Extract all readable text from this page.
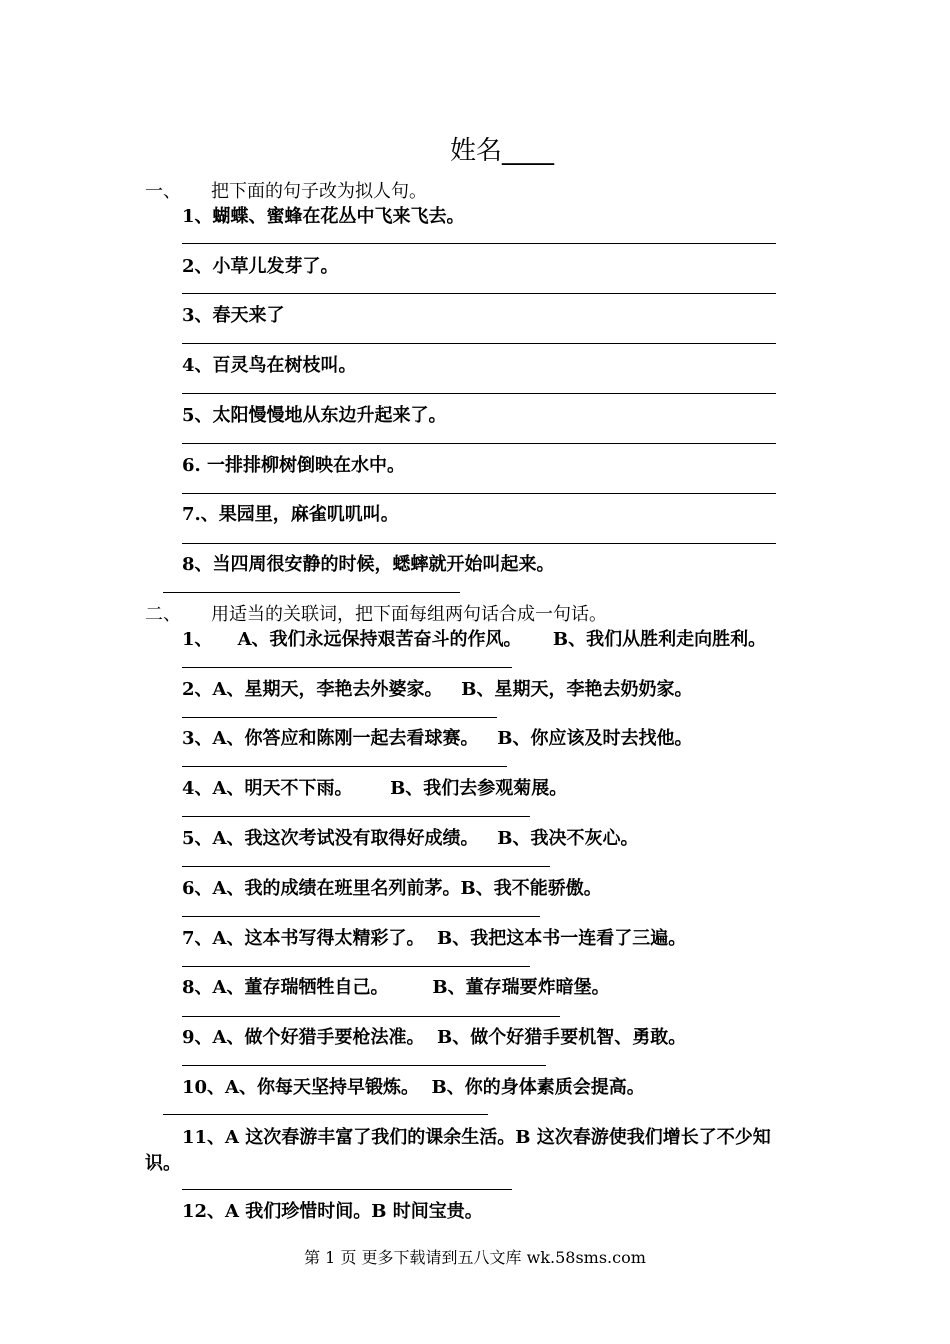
姓名____
一、 把下面的句子改为拟人句。
1、蝴蝶、蜜蜂在花丛中飞来飞去。
2、小草儿发芽了。
3、春天来了
4、百灵鸟在树枝叫。
5、太阳慢慢地从东边升起来了。
6. 一排排柳树倒映在水中。
7.、果园里，麻雀叽叽叫。
8、当四周很安静的时候，蟋蟀就开始叫起来。
二、 用适当的关联词，把下面每组两句话合成一句话。
1、    A、我们永远保持艰苦奋斗的作风。     B、我们从胜利走向胜利。
2、A、星期天，李艳去外婆家。   B、星期天，李艳去奶奶家。
3、A、你答应和陈刚一起去看球赛。   B、你应该及时去找他。
4、A、明天不下雨。      B、我们去参观菊展。
5、A、我这次考试没有取得好成绩。   B、我决不灰心。
6、A、我的成绩在班里名列前茅。B、我不能骄傲。
7、A、这本书写得太精彩了。  B、我把这本书一连看了三遍。
8、A、董存瑞牺牲自己。       B、董存瑞要炸暗堡。
9、A、做个好猎手要枪法准。  B、做个好猎手要机智、勇敢。
10、A、你每天坚持早锻炼。  B、你的身体素质会提高。
11、A 这次春游丰富了我们的课余生活。B 这次春游使我们增长了不少知
识。
12、A 我们珍惜时间。B 时间宝贵。
第 1 页 更多下载请到五八文库 wk.58sms.com
